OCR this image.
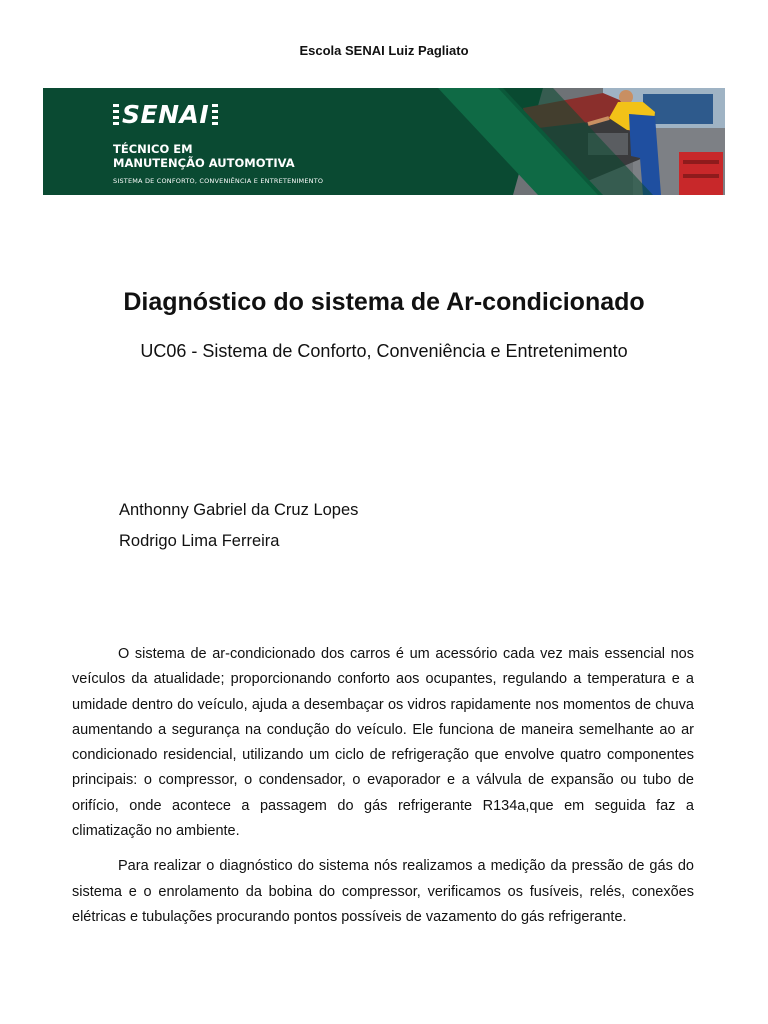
Escola SENAI Luiz Pagliato
SENAI
TÉCNICO EM
MANUTENÇÃO AUTOMOTIVA
SISTEMA DE CONFORTO, CONVENIÊNCIA E ENTRETENIMENTO
Diagnóstico do sistema de Ar-condicionado
UC06 - Sistema de Conforto, Conveniência e Entretenimento
Anthonny Gabriel da Cruz Lopes
Rodrigo Lima Ferreira

O sistema de ar-condicionado dos carros é um acessório cada vez mais essencial nos veículos da atualidade; proporcionando conforto aos ocupantes, regulando a temperatura e a umidade dentro do veículo, ajuda a desembaçar os vidros rapidamente nos momentos de chuva aumentando a segurança na condução do veículo. Ele funciona de maneira semelhante ao ar condicionado residencial, utilizando um ciclo de refrigeração que envolve quatro componentes principais: o compressor, o condensador, o evaporador e a válvula de expansão ou tubo de orifício, onde acontece a passagem do gás refrigerante R134a,que em seguida faz a climatização no ambiente.

Para realizar o diagnóstico do sistema nós realizamos a medição da pressão de gás do sistema e o enrolamento da bobina do compressor, verificamos os fusíveis, relés, conexões elétricas e tubulações procurando pontos possíveis de vazamento do gás refrigerante.
